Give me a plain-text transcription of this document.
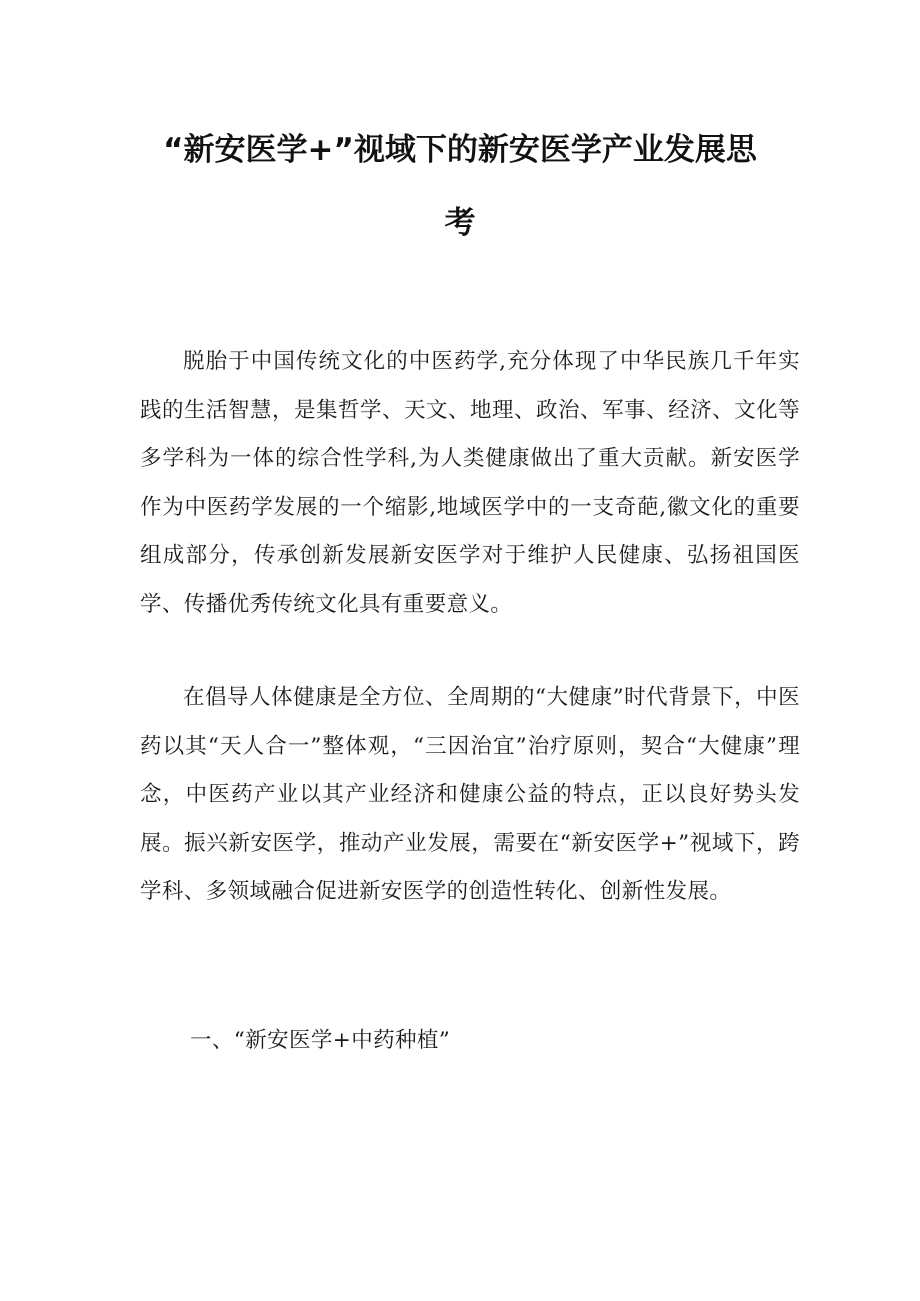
“新安医学+”视域下的新安医学产业发展思
考

脱胎于中国传统文化的中医药学,充分体现了中华民族几千年实践的生活智慧，是集哲学、天文、地理、政治、军事、经济、文化等多学科为一体的综合性学科,为人类健康做出了重大贡献。新安医学作为中医药学发展的一个缩影,地域医学中的一支奇葩,徽文化的重要组成部分，传承创新发展新安医学对于维护人民健康、弘扬祖国医学、传播优秀传统文化具有重要意义。

在倡导人体健康是全方位、全周期的“大健康”时代背景下，中医药以其“天人合一”整体观，“三因治宜”治疗原则，契合“大健康”理念，中医药产业以其产业经济和健康公益的特点，正以良好势头发展。振兴新安医学，推动产业发展，需要在“新安医学+”视域下，跨学科、多领域融合促进新安医学的创造性转化、创新性发展。

一、“新安医学+中药种植”
